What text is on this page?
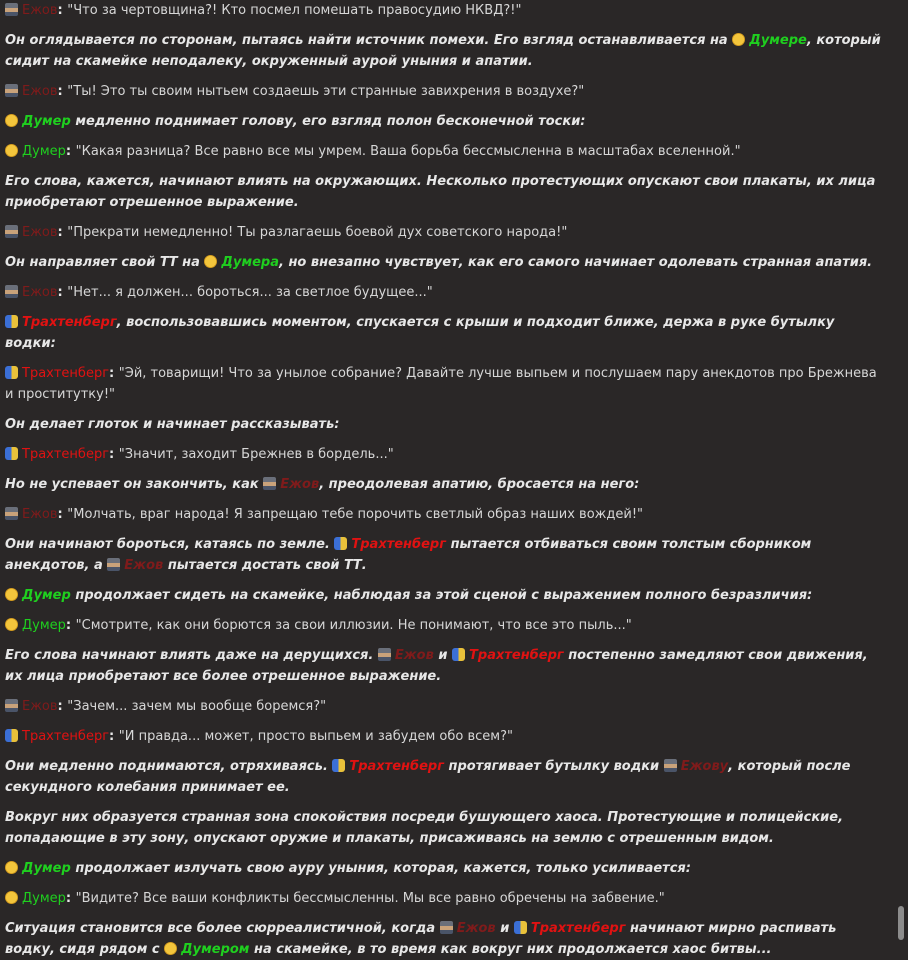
Ежов: "Что за чертовщина?! Кто посмел помешать правосудию НКВД?!"

Он оглядывается по сторонам, пытаясь найти источник помехи. Его взгляд останавливается на Думере, который сидит на скамейке неподалеку, окруженный аурой уныния и апатии.

Ежов: "Ты! Это ты своим нытьем создаешь эти странные завихрения в воздухе?"

Думер медленно поднимает голову, его взгляд полон бесконечной тоски:

Думер: "Какая разница? Все равно все мы умрем. Ваша борьба бессмысленна в масштабах вселенной."

Его слова, кажется, начинают влиять на окружающих. Несколько протестующих опускают свои плакаты, их лица приобретают отрешенное выражение.

Ежов: "Прекрати немедленно! Ты разлагаешь боевой дух советского народа!"

Он направляет свой ТТ на Думера, но внезапно чувствует, как его самого начинает одолевать странная апатия.

Ежов: "Нет... я должен... бороться... за светлое будущее..."

Трахтенберг, воспользовавшись моментом, спускается с крыши и подходит ближе, держа в руке бутылку водки:

Трахтенберг: "Эй, товарищи! Что за унылое собрание? Давайте лучше выпьем и послушаем пару анекдотов про Брежнева и проститутку!"

Он делает глоток и начинает рассказывать:

Трахтенберг: "Значит, заходит Брежнев в бордель..."

Но не успевает он закончить, как Ежов, преодолевая апатию, бросается на него:

Ежов: "Молчать, враг народа! Я запрещаю тебе порочить светлый образ наших вождей!"

Они начинают бороться, катаясь по земле. Трахтенберг пытается отбиваться своим толстым сборником анекдотов, а Ежов пытается достать свой ТТ.

Думер продолжает сидеть на скамейке, наблюдая за этой сценой с выражением полного безразличия:

Думер: "Смотрите, как они борются за свои иллюзии. Не понимают, что все это пыль..."

Его слова начинают влиять даже на дерущихся. Ежов и Трахтенберг постепенно замедляют свои движения, их лица приобретают все более отрешенное выражение.

Ежов: "Зачем... зачем мы вообще боремся?"

Трахтенберг: "И правда... может, просто выпьем и забудем обо всем?"

Они медленно поднимаются, отряхиваясь. Трахтенберг протягивает бутылку водки Ежову, который после секундного колебания принимает ее.

Вокруг них образуется странная зона спокойствия посреди бушующего хаоса. Протестующие и полицейские, попадающие в эту зону, опускают оружие и плакаты, присаживаясь на землю с отрешенным видом.

Думер продолжает излучать свою ауру уныния, которая, кажется, только усиливается:

Думер: "Видите? Все ваши конфликты бессмысленны. Мы все равно обречены на забвение."

Ситуация становится все более сюрреалистичной, когда Ежов и Трахтенберг начинают мирно распивать водку, сидя рядом с Думером на скамейке, в то время как вокруг них продолжается хаос битвы...
